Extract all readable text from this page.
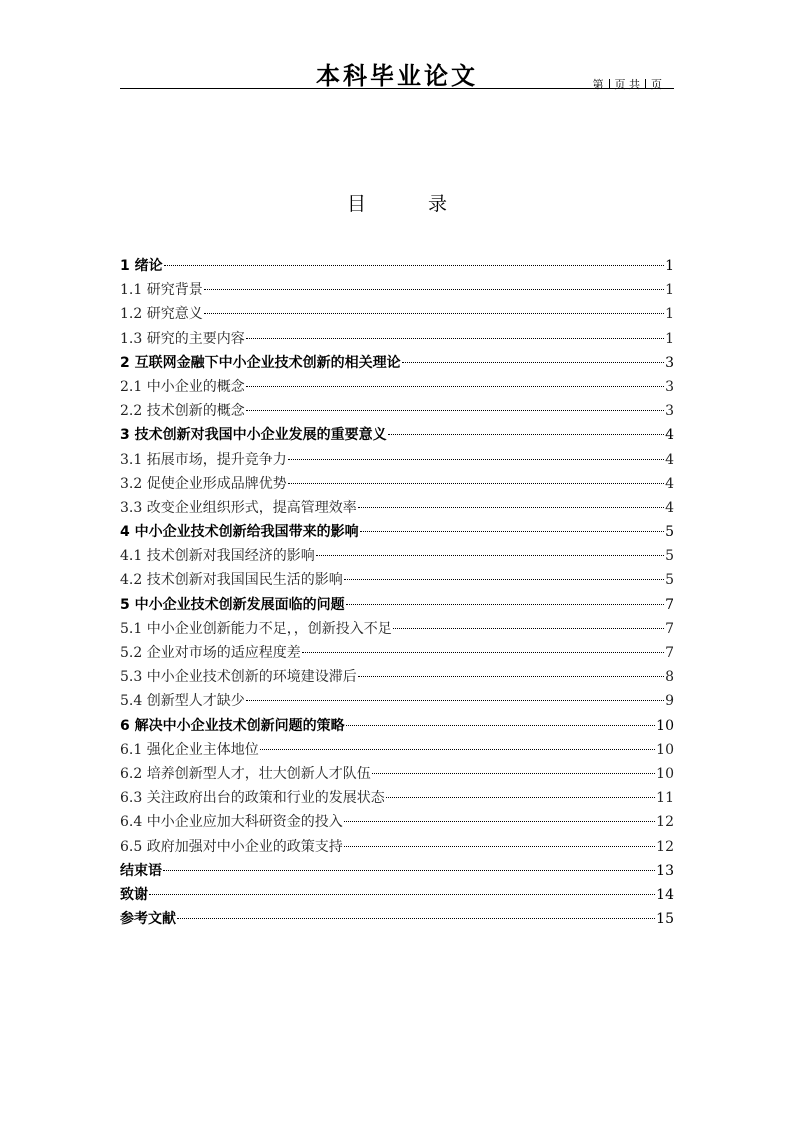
本科毕业论文	第 页 共 页
目 录
1 绪论	1
1.1 研究背景	1
1.2 研究意义	1
1.3 研究的主要内容	1
2 互联网金融下中小企业技术创新的相关理论	3
2.1 中小企业的概念	3
2.2 技术创新的概念	3
3 技术创新对我国中小企业发展的重要意义	4
3.1 拓展市场，提升竞争力	4
3.2 促使企业形成品牌优势	4
3.3 改变企业组织形式，提高管理效率	4
4 中小企业技术创新给我国带来的影响	5
4.1 技术创新对我国经济的影响	5
4.2 技术创新对我国国民生活的影响	5
5 中小企业技术创新发展面临的问题	7
5.1 中小企业创新能力不足，，创新投入不足	7
5.2 企业对市场的适应程度差	7
5.3 中小企业技术创新的环境建设滞后	8
5.4 创新型人才缺少	9
6 解决中小企业技术创新问题的策略	10
6.1 强化企业主体地位	10
6.2 培养创新型人才，壮大创新人才队伍	10
6.3 关注政府出台的政策和行业的发展状态	11
6.4 中小企业应加大科研资金的投入	12
6.5 政府加强对中小企业的政策支持	12
结束语	13
致谢	14
参考文献	15
